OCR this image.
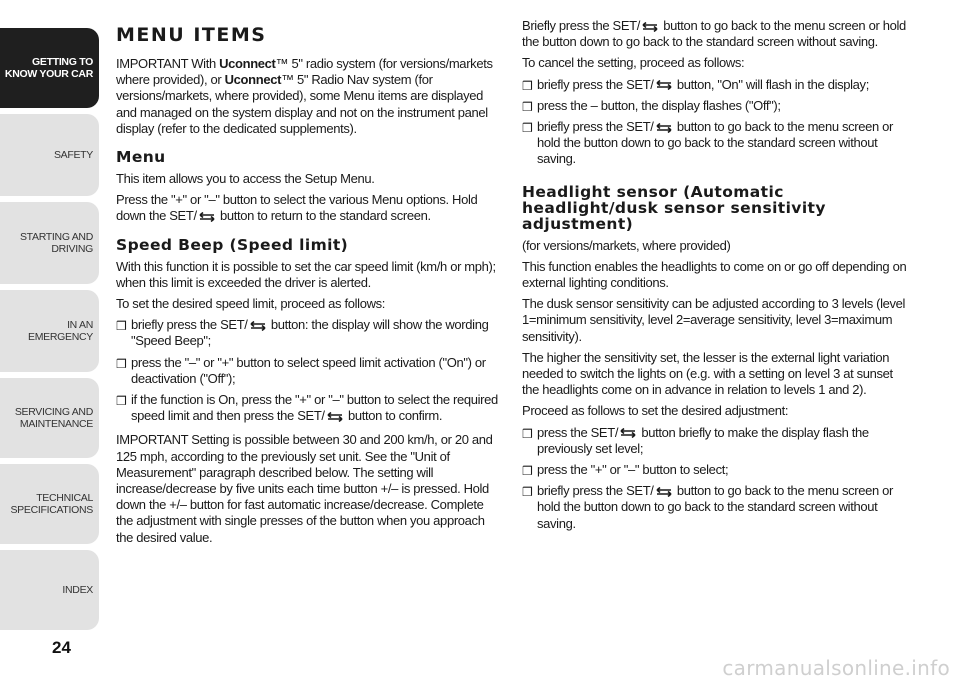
GETTING TO KNOW YOUR CAR
SAFETY
STARTING AND DRIVING
IN AN EMERGENCY
SERVICING AND MAINTENANCE
TECHNICAL SPECIFICATIONS
INDEX
24
MENU ITEMS

IMPORTANT With Uconnect™ 5" radio system (for versions/markets where provided), or Uconnect™ 5" Radio Nav system (for versions/markets, where provided), some Menu items are displayed and managed on the system display and not on the instrument panel display (refer to the dedicated supplements).

Menu

This item allows you to access the Setup Menu.

Press the "+" or "–" button to select the various Menu options. Hold down the SET/
button to return to the standard screen.

Speed Beep (Speed limit)

With this function it is possible to set the car speed limit (km/h or mph); when this limit is exceeded the driver is alerted.

To set the desired speed limit, proceed as follows:

❒ briefly press the SET/
button: the display will show the wording "Speed Beep";
❒ press the "–" or "+" button to select speed limit activation ("On") or deactivation ("Off");
❒ if the function is On, press the "+" or "–" button to select the required speed limit and then press the SET/
button to confirm.

IMPORTANT Setting is possible between 30 and 200 km/h, or 20 and 125 mph, according to the previously set unit. See the "Unit of Measurement" paragraph described below. The setting will increase/decrease by five units each time button +/– is pressed. Hold down the +/– button for fast automatic increase/decrease. Complete the adjustment with single presses of the button when you approach the desired value.

Briefly press the SET/
button to go back to the menu screen or hold the button down to go back to the standard screen without saving.

To cancel the setting, proceed as follows:

❒ briefly press the SET/
button, "On" will flash in the display;
❒ press the – button, the display flashes ("Off");
❒ briefly press the SET/
button to go back to the menu screen or hold the button down to go back to the standard screen without saving.
Headlight sensor (Automatic headlight/dusk sensor sensitivity adjustment)

(for versions/markets, where provided)

This function enables the headlights to come on or go off depending on external lighting conditions.

The dusk sensor sensitivity can be adjusted according to 3 levels (level 1=minimum sensitivity, level 2=average sensitivity, level 3=maximum sensitivity).

The higher the sensitivity set, the lesser is the external light variation needed to switch the lights on (e.g. with a setting on level 3 at sunset the headlights come on in advance in relation to levels 1 and 2).

Proceed as follows to set the desired adjustment:

❒ press the SET/
button briefly to make the display flash the previously set level;
❒ press the "+" or "–" button to select;
❒ briefly press the SET/
button to go back to the menu screen or hold the button down to go back to the standard screen without saving.
carmanualsonline.info
